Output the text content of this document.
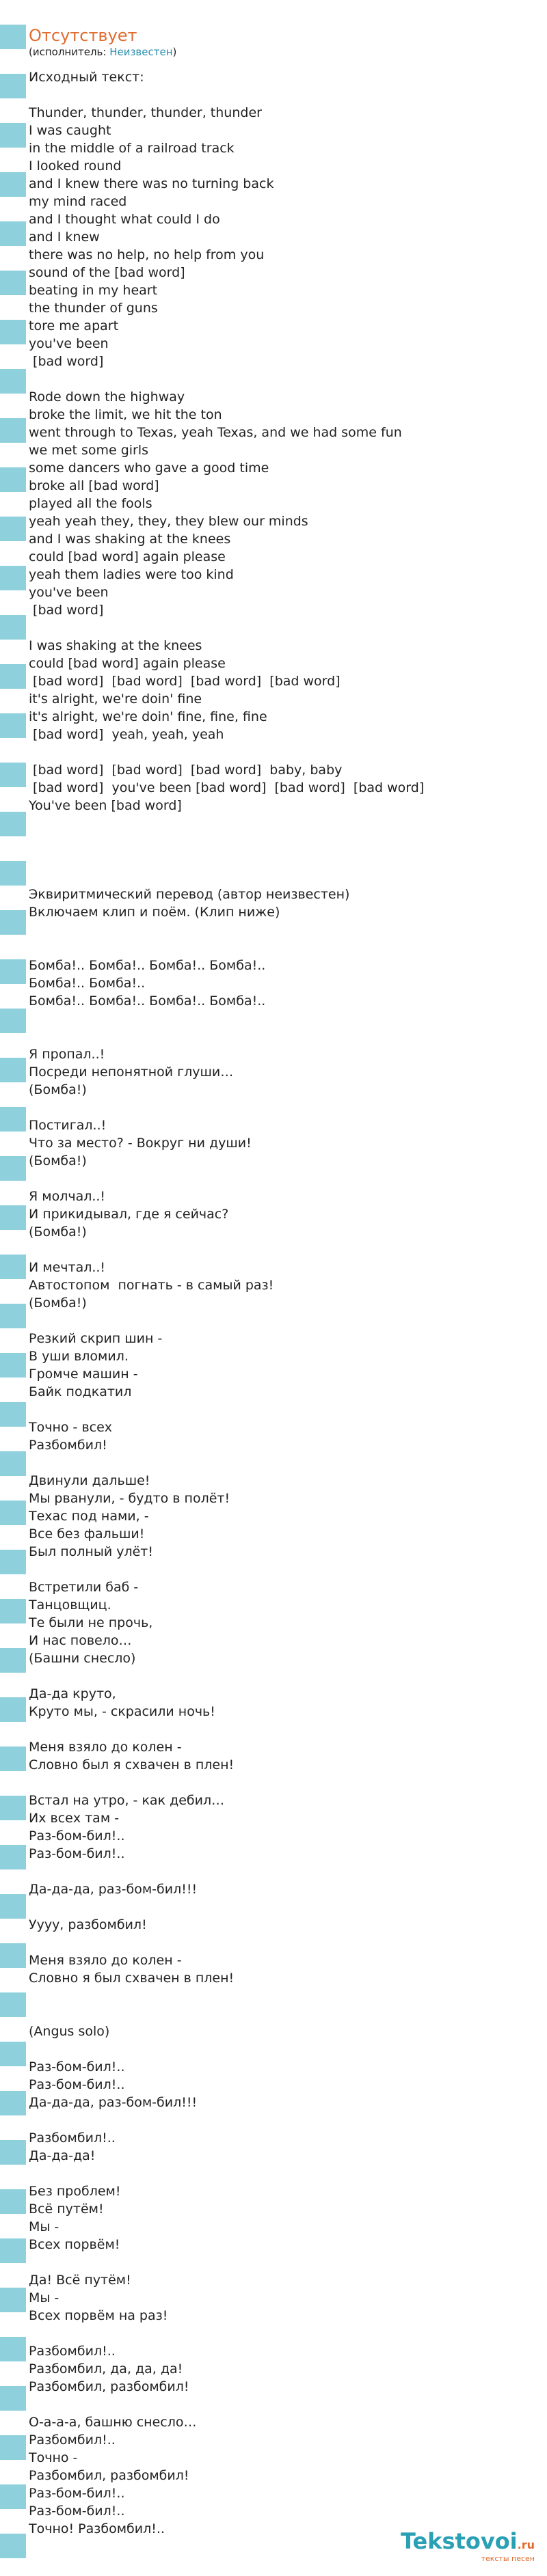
Отсутствует
(исполнитель: Неизвестен)
Исходный текст:

Thunder, thunder, thunder, thunder
I was caught
in the middle of a railroad track
I looked round
and I knew there was no turning back
my mind raced
and I thought what could I do
and I knew
there was no help, no help from you
sound of the [bad word]
beating in my heart
the thunder of guns
tore me apart
you've been
[bad word]

Rode down the highway
broke the limit, we hit the ton
went through to Texas, yeah Texas, and we had some fun
we met some girls
some dancers who gave a good time
broke all [bad word]
played all the fools
yeah yeah they, they, they blew our minds
and I was shaking at the knees
could [bad word] again please
yeah them ladies were too kind
you've been
[bad word]

I was shaking at the knees
could [bad word] again please
[bad word]  [bad word]  [bad word]  [bad word]
it's alright, we're doin' fine
it's alright, we're doin' fine, fine, fine
[bad word]  yeah, yeah, yeah

[bad word]  [bad word]  [bad word]  baby, baby
[bad word]  you've been [bad word]  [bad word]  [bad word]
You've been [bad word]

Эквиритмический перевод (автор неизвестен)
Включаем клип и поём. (Клип ниже)

Бомба!.. Бомба!.. Бомба!.. Бомба!..
Бомба!.. Бомба!..
Бомба!.. Бомба!.. Бомба!.. Бомба!..

Я пропал..!
Посреди непонятной глуши…
(Бомба!)

Постигал..!
Что за место? - Вокруг ни души!
(Бомба!)

Я молчал..!
И прикидывал, где я сейчас?
(Бомба!)

И мечтал..!
Автостопом  погнать - в самый раз!
(Бомба!)

Резкий скрип шин -
В уши вломил.
Громче машин -
Байк подкатил

Точно - всех
Разбомбил!

Двинули дальше!
Мы рванули, - будто в полёт!
Техас под нами, -
Все без фальши!
Был полный улёт!

Встретили баб -
Танцовщиц.
Те были не прочь,
И нас повело…
(Башни снесло)

Да-да круто,
Круто мы, - скрасили ночь!

Меня взяло до колен -
Словно был я схвачен в плен!

Встал на утро, - как дебил…
Их всех там -
Раз-бом-бил!..
Раз-бом-бил!..

Да-да-да, раз-бом-бил!!!

Уууу, разбомбил!

Меня взяло до колен -
Словно я был схвачен в плен!

(Angus solo)

Раз-бом-бил!..
Раз-бом-бил!..
Да-да-да, раз-бом-бил!!!

Разбомбил!..
Да-да-да!

Без проблем!
Всё путём!
Мы -
Всех порвём!

Да! Всё путём!
Мы -
Всех порвём на раз!

Разбомбил!..
Разбомбил, да, да, да!
Разбомбил, разбомбил!

О-а-а-а, башню снесло…
Разбомбил!..
Точно -
Разбомбил, разбомбил!
Раз-бом-бил!..
Раз-бом-бил!..
Точно! Разбомбил!..	Tekstovoi.ru
тексты песен
